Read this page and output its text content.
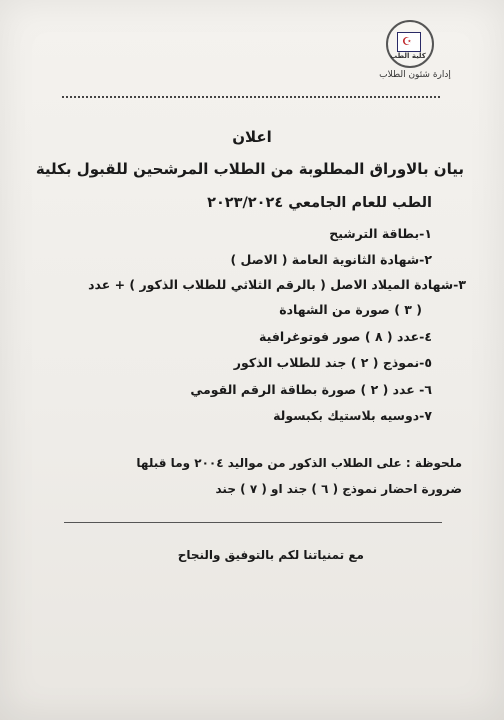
☪
كلية الطب
إدارة شئون الطلاب
اعلان
بيان بالاوراق المطلوبة من الطلاب المرشحين للقبول بكلية
الطب للعام الجامعي ٢٠٢٣/٢٠٢٤
١-بطاقة الترشيح
٢-شهادة الثانوية العامة ( الاصل )
٣-شهادة الميلاد الاصل ( بالرقم الثلاثي للطلاب الذكور ) + عدد
( ٣ ) صورة من الشهادة
٤-عدد ( ٨ ) صور فوتوغرافية
٥-نموذج ( ٢ ) جند للطلاب الذكور
٦- عدد ( ٢ ) صورة بطاقة الرقم القومي
٧-دوسيه بلاستيك بكبسولة
ملحوظة : على الطلاب الذكور من مواليد ٢٠٠٤ وما قبلها
ضرورة احضار نموذج ( ٦ ) جند او ( ٧ ) جند
مع تمنياتنا لكم بالتوفيق والنجاح
